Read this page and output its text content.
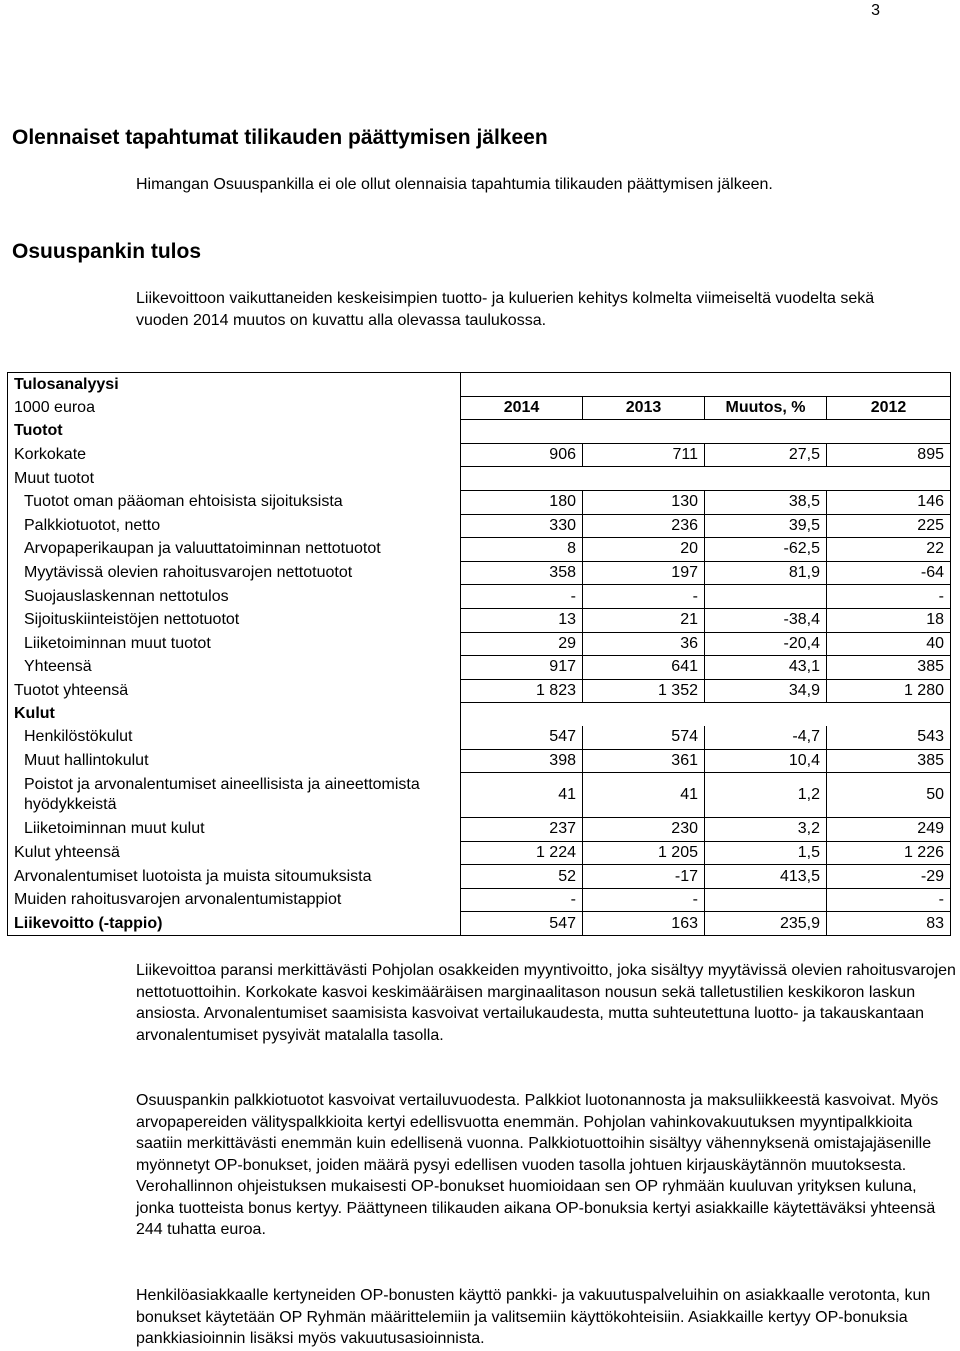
3
Olennaiset tapahtumat tilikauden päättymisen jälkeen

Himangan Osuuspankilla ei ole ollut olennaisia tapahtumia tilikauden päättymisen jälkeen.

Osuuspankin tulos

Liikevoittoon vaikuttaneiden keskeisimpien tuotto- ja kuluerien kehitys kolmelta viimeiseltä vuodelta sekä vuoden 2014 muutos on kuvattu alla olevassa taulukossa.

Tulosanalyysi				
1000 euroa	2014	2013	Muutos, %	2012
Tuotot				
Korkokate	906	711	27,5	895
Muut tuotot				
Tuotot oman pääoman ehtoisista sijoituksista	180	130	38,5	146
Palkkiotuotot, netto	330	236	39,5	225
Arvopaperikaupan ja valuuttatoiminnan nettotuotot	8	20	-62,5	22
Myytävissä olevien rahoitusvarojen nettotuotot	358	197	81,9	-64
Suojauslaskennan nettotulos	-	-		-
Sijoituskiinteistöjen nettotuotot	13	21	-38,4	18
Liiketoiminnan muut tuotot	29	36	-20,4	40
Yhteensä	917	641	43,1	385
Tuotot yhteensä	1 823	1 352	34,9	1 280
Kulut				
Henkilöstökulut	547	574	-4,7	543
Muut hallintokulut	398	361	10,4	385
Poistot ja arvonalentumiset aineellisista ja aineettomista hyödykkeistä	41	41	1,2	50
Liiketoiminnan muut kulut	237	230	3,2	249
Kulut yhteensä	1 224	1 205	1,5	1 226
Arvonalentumiset luotoista ja muista sitoumuksista	52	-17	413,5	-29
Muiden rahoitusvarojen arvonalentumistappiot	-	-		-
Liikevoitto (-tappio)	547	163	235,9	83

Liikevoittoa paransi merkittävästi Pohjolan osakkeiden myyntivoitto, joka sisältyy myytävissä olevien rahoitusvarojen nettotuottoihin. Korkokate kasvoi keskimääräisen marginaalitason nousun sekä talletustilien keskikoron laskun ansiosta. Arvonalentumiset saamisista kasvoivat vertailukaudesta, mutta suhteutettuna luotto- ja takauskantaan arvonalentumiset pysyivät matalalla tasolla.

Osuuspankin palkkiotuotot kasvoivat vertailuvuodesta. Palkkiot luotonannosta ja maksuliikkeestä kasvoivat. Myös arvopapereiden välityspalkkioita kertyi edellisvuotta enemmän. Pohjolan vahinkovakuutuksen myyntipalkkioita saatiin merkittävästi enemmän kuin edellisenä vuonna. Palkkiotuottoihin sisältyy vähennyksenä omistajajäsenille myönnetyt OP-bonukset, joiden määrä pysyi edellisen vuoden tasolla johtuen kirjauskäytännön muutoksesta. Verohallinnon ohjeistuksen mukaisesti OP-bonukset huomioidaan sen OP ryhmään kuuluvan yrityksen kuluna, jonka tuotteista bonus kertyy. Päättyneen tilikauden aikana OP-bonuksia kertyi asiakkaille käytettäväksi yhteensä 244 tuhatta euroa.

Henkilöasiakkaalle kertyneiden OP-bonusten käyttö pankki- ja vakuutuspalveluihin on asiakkaalle verotonta, kun bonukset käytetään OP Ryhmän määrittelemiin ja valitsemiin käyttökohteisiin. Asiakkaille kertyy OP-bonuksia pankkiasioinnin lisäksi myös vakuutusasioinnista.
